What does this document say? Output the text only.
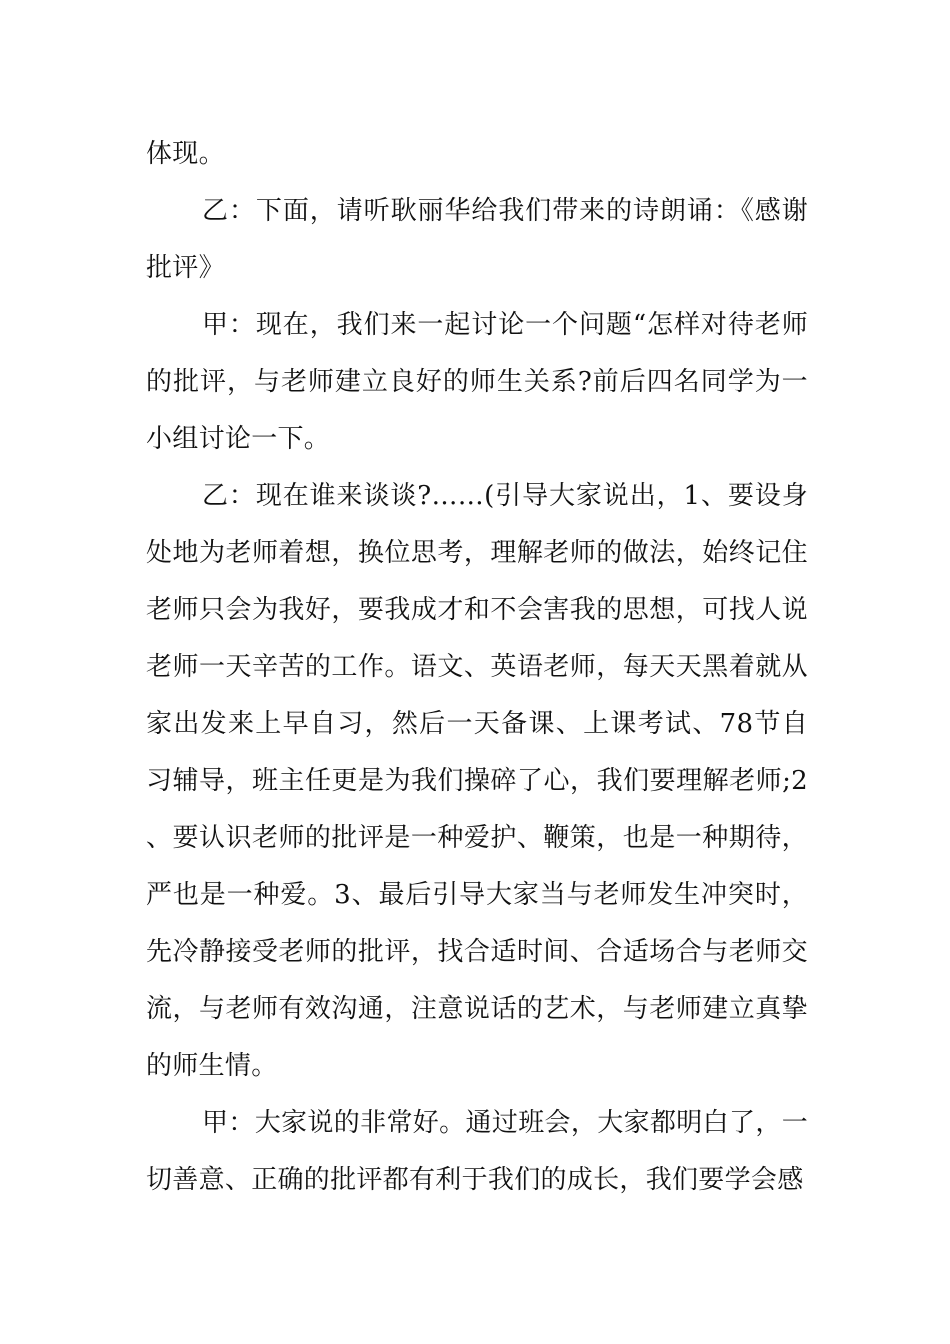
体现。

乙：下面，请听耿丽华给我们带来的诗朗诵：《感谢批评》

甲：现在，我们来一起讨论一个问题“怎样对待老师的批评，与老师建立良好的师生关系?前后四名同学为一小组讨论一下。

乙：现在谁来谈谈?……(引导大家说出，1、要设身处地为老师着想，换位思考，理解老师的做法，始终记住老师只会为我好，要我成才和不会害我的思想，可找人说老师一天辛苦的工作。语文、英语老师，每天天黑着就从家出发来上早自习，然后一天备课、上课考试、78节自习辅导，班主任更是为我们操碎了心，我们要理解老师;2、要认识老师的批评是一种爱护、鞭策，也是一种期待，严也是一种爱。3、最后引导大家当与老师发生冲突时，先冷静接受老师的批评，找合适时间、合适场合与老师交流，与老师有效沟通，注意说话的艺术，与老师建立真挚的师生情。

甲：大家说的非常好。通过班会，大家都明白了，一切善意、正确的批评都有利于我们的成长，我们要学会感
